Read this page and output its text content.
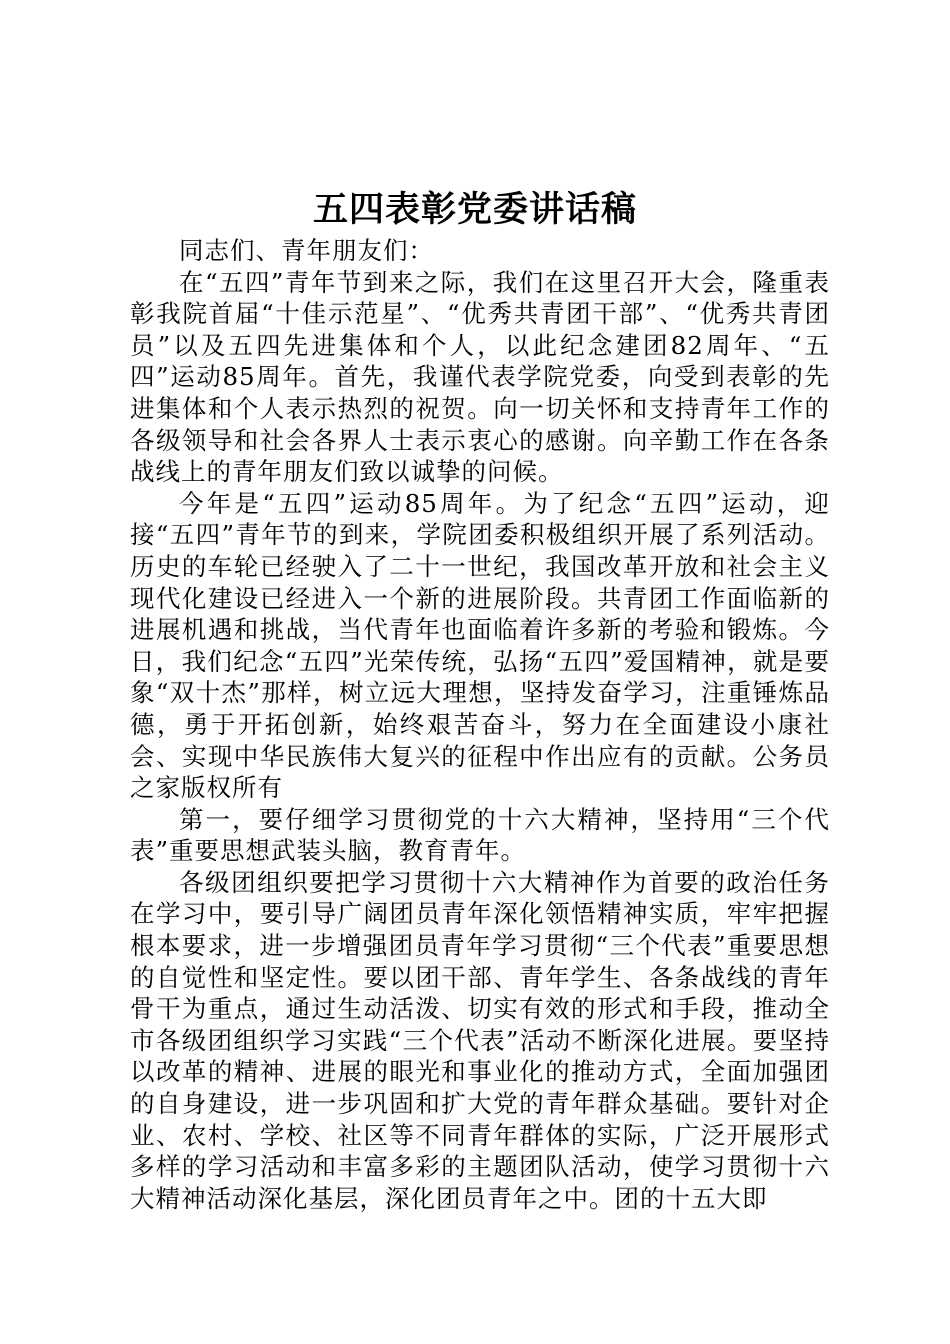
五四表彰党委讲话稿

同志们、青年朋友们：

在“五四”青年节到来之际，我们在这里召开大会，隆重表彰我院首届“十佳示范星”、“优秀共青团干部”、“优秀共青团员”以及五四先进集体和个人，以此纪念建团82周年、“五四”运动85周年。首先，我谨代表学院党委，向受到表彰的先进集体和个人表示热烈的祝贺。向一切关怀和支持青年工作的各级领导和社会各界人士表示衷心的感谢。向辛勤工作在各条战线上的青年朋友们致以诚挚的问候。

今年是“五四”运动85周年。为了纪念“五四”运动，迎接“五四”青年节的到来，学院团委积极组织开展了系列活动。历史的车轮已经驶入了二十一世纪，我国改革开放和社会主义现代化建设已经进入一个新的进展阶段。共青团工作面临新的进展机遇和挑战，当代青年也面临着许多新的考验和锻炼。今日，我们纪念“五四”光荣传统，弘扬“五四”爱国精神，就是要象“双十杰”那样，树立远大理想，坚持发奋学习，注重锤炼品德，勇于开拓创新，始终艰苦奋斗，努力在全面建设小康社会、实现中华民族伟大复兴的征程中作出应有的贡献。公务员之家版权所有

第一，要仔细学习贯彻党的十六大精神，坚持用“三个代表”重要思想武装头脑，教育青年。

各级团组织要把学习贯彻十六大精神作为首要的政治任务在学习中，要引导广阔团员青年深化领悟精神实质，牢牢把握根本要求，进一步增强团员青年学习贯彻“三个代表”重要思想的自觉性和坚定性。要以团干部、青年学生、各条战线的青年骨干为重点，通过生动活泼、切实有效的形式和手段，推动全市各级团组织学习实践“三个代表”活动不断深化进展。要坚持以改革的精神、进展的眼光和事业化的推动方式，全面加强团的自身建设，进一步巩固和扩大党的青年群众基础。要针对企业、农村、学校、社区等不同青年群体的实际，广泛开展形式多样的学习活动和丰富多彩的主题团队活动，使学习贯彻十六大精神活动深化基层，深化团员青年之中。团的十五大即
